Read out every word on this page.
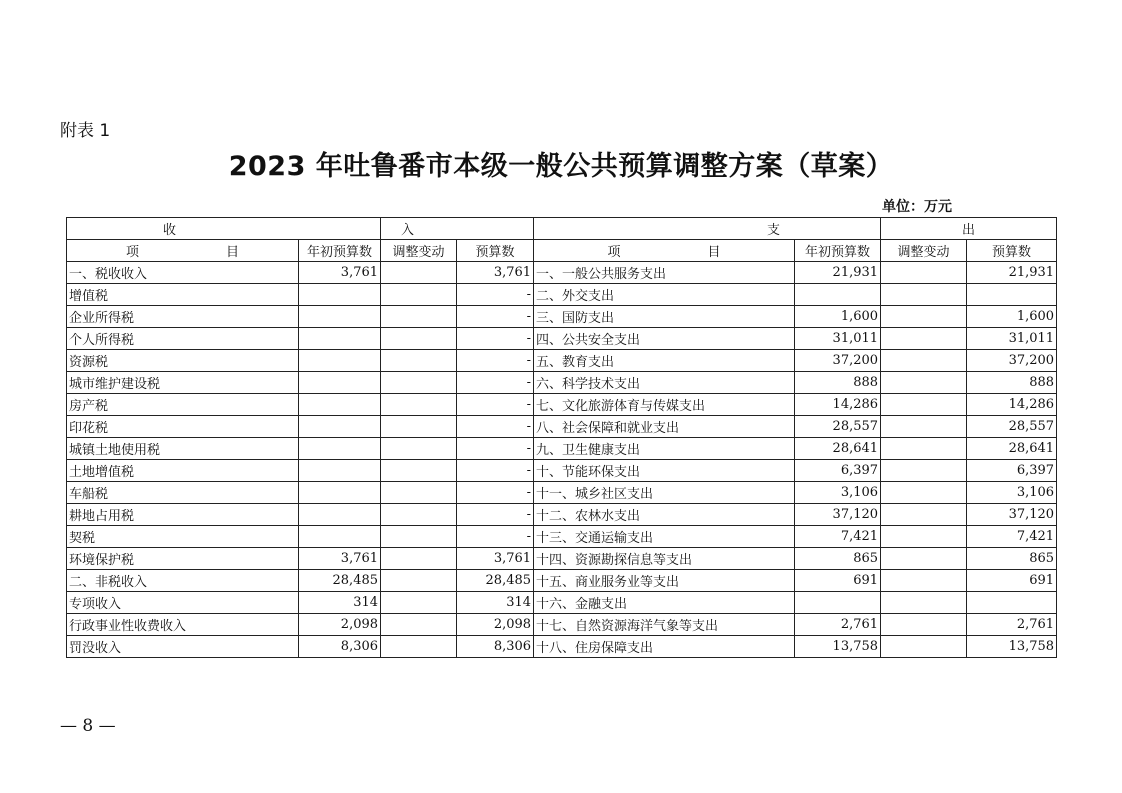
附表 1
2023 年吐鲁番市本级一般公共预算调整方案（草案）
单位：万元
收		入		支		出	
项 目	年初预算数	调整变动	预算数	项 目	年初预算数	调整变动	预算数
一、税收收入	3,761		3,761	一、一般公共服务支出	21,931		21,931
增值税			-	二、外交支出			
企业所得税			-	三、国防支出	1,600		1,600
个人所得税			-	四、公共安全支出	31,011		31,011
资源税			-	五、教育支出	37,200		37,200
城市维护建设税			-	六、科学技术支出	888		888
房产税			-	七、文化旅游体育与传媒支出	14,286		14,286
印花税			-	八、社会保障和就业支出	28,557		28,557
城镇土地使用税			-	九、卫生健康支出	28,641		28,641
土地增值税			-	十、节能环保支出	6,397		6,397
车船税			-	十一、城乡社区支出	3,106		3,106
耕地占用税			-	十二、农林水支出	37,120		37,120
契税			-	十三、交通运输支出	7,421		7,421
环境保护税	3,761		3,761	十四、资源勘探信息等支出	865		865
二、非税收入	28,485		28,485	十五、商业服务业等支出	691		691
专项收入	314		314	十六、金融支出			
行政事业性收费收入	2,098		2,098	十七、自然资源海洋气象等支出	2,761		2,761
罚没收入	8,306		8,306	十八、住房保障支出	13,758		13,758
— 8 —
